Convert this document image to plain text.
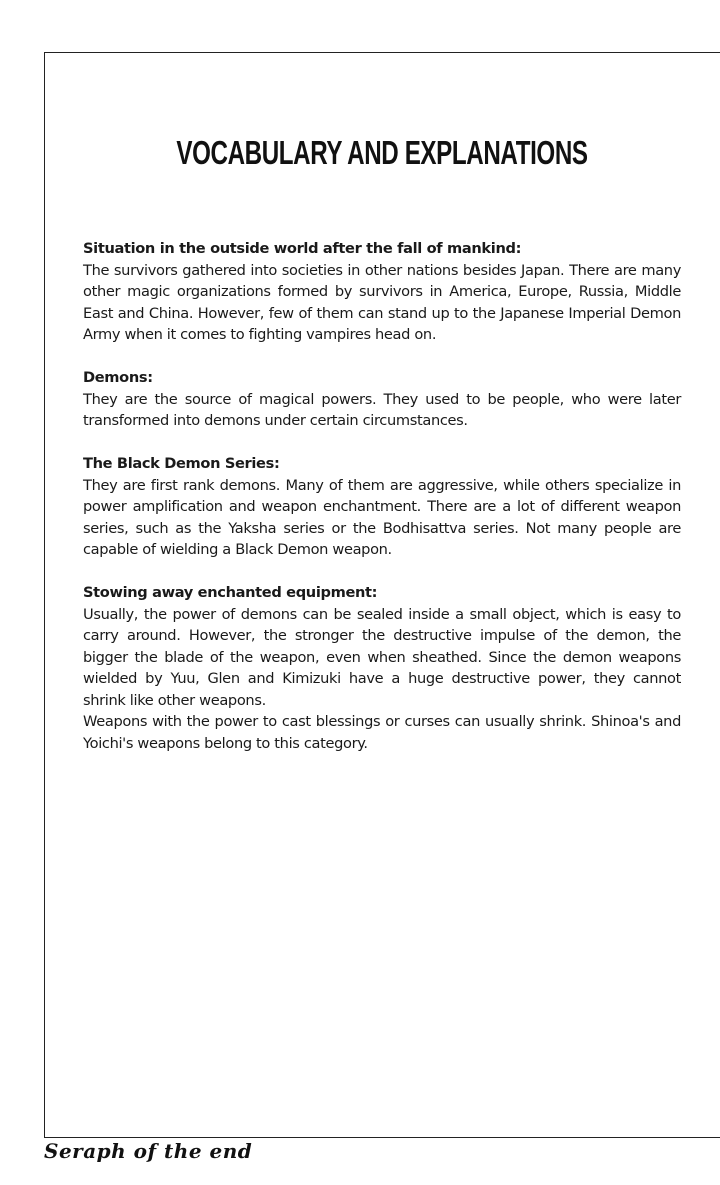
VOCABULARY AND EXPLANATIONS
Situation in the outside world after the fall of mankind:

The survivors gathered into societies in other nations besides Japan. There are many other magic organizations formed by survivors in America, Europe, Russia, Middle East and China. However, few of them can stand up to the Japanese Imperial Demon Army when it comes to fighting vampires head on.

Demons:

They are the source of magical powers. They used to be people, who were later transformed into demons under certain circumstances.

The Black Demon Series:

They are first rank demons. Many of them are aggressive, while others specialize in power amplification and weapon enchantment. There are a lot of different weapon series, such as the Yaksha series or the Bodhisattva series. Not many people are capable of wielding a Black Demon weapon.

Stowing away enchanted equipment:

Usually, the power of demons can be sealed inside a small object, which is easy to carry around. However, the stronger the destructive impulse of the demon, the bigger the blade of the weapon, even when sheathed. Since the demon weapons wielded by Yuu, Glen and Kimizuki have a huge destructive power, they cannot shrink like other weapons.

Weapons with the power to cast blessings or curses can usually shrink. Shinoa's and Yoichi's weapons belong to this category.

Seraph of the end
